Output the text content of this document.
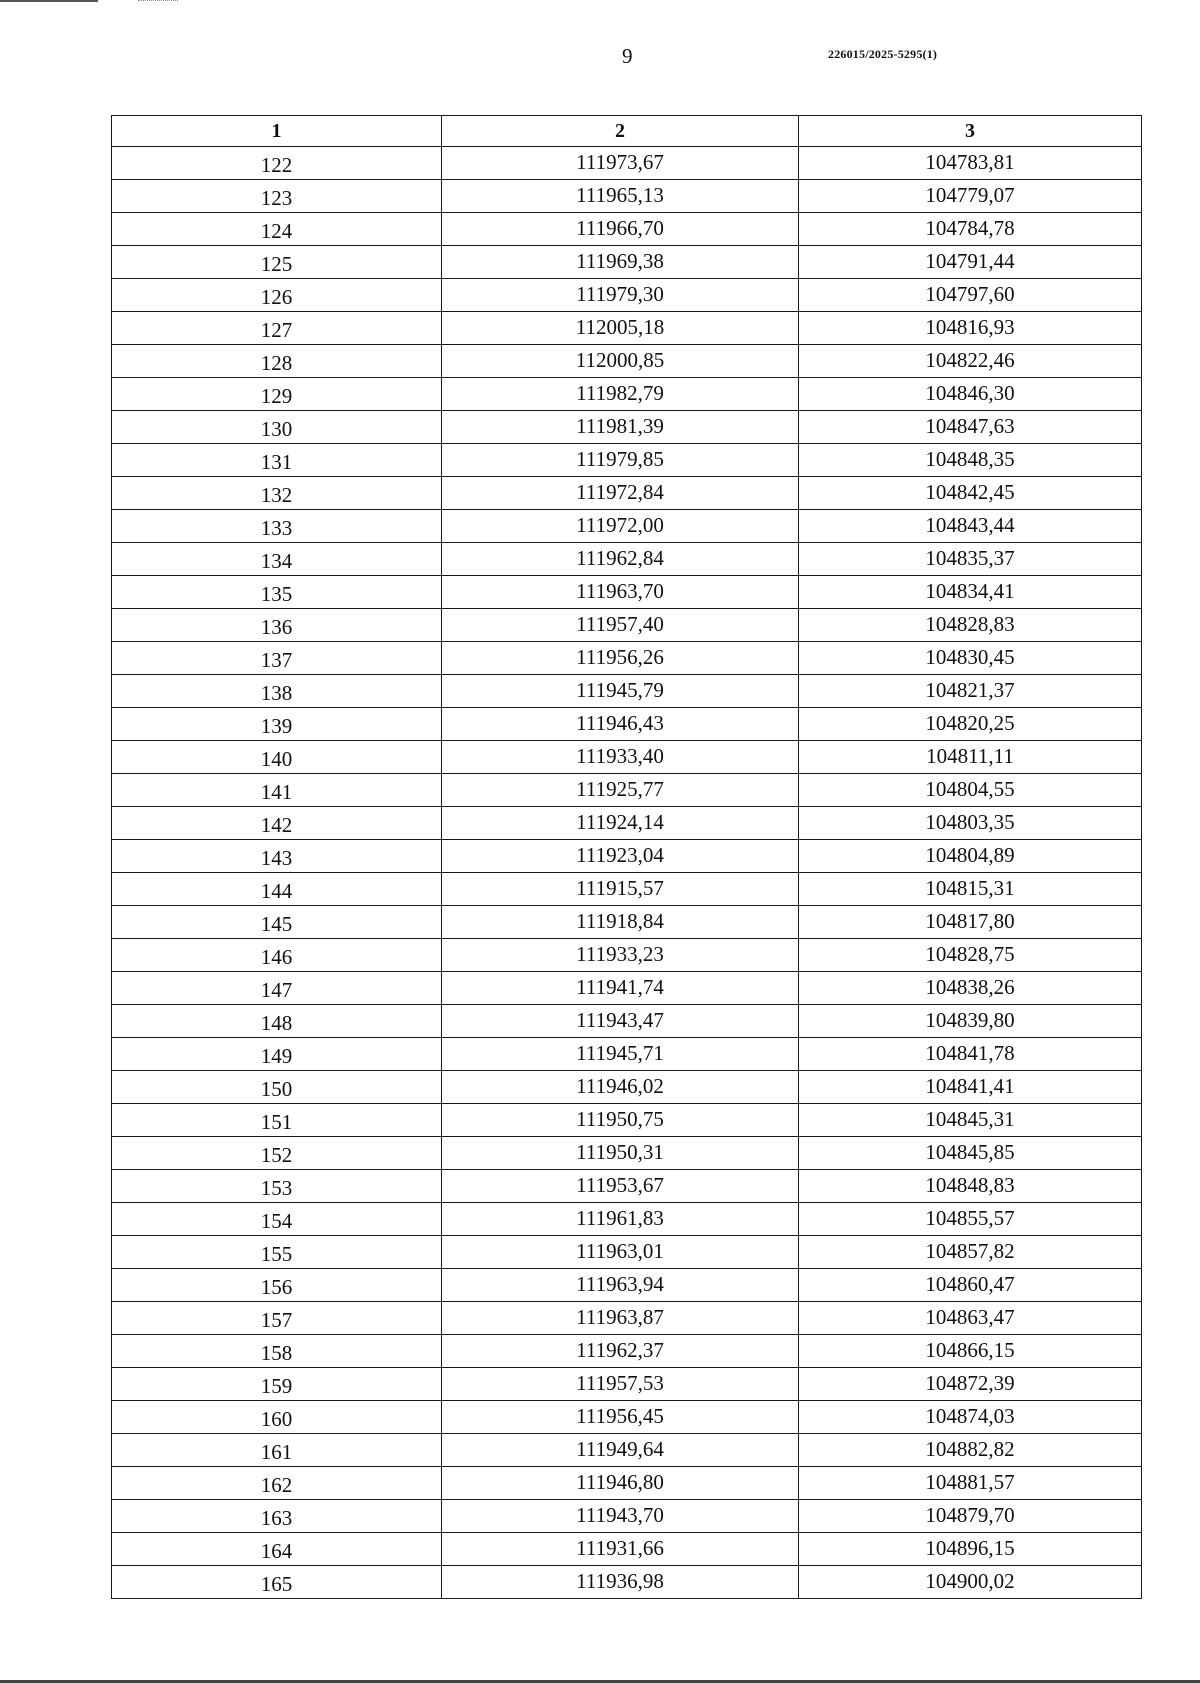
9	226015/2025-5295(1)
1	2	3
122	111973,67	104783,81
123	111965,13	104779,07
124	111966,70	104784,78
125	111969,38	104791,44
126	111979,30	104797,60
127	112005,18	104816,93
128	112000,85	104822,46
129	111982,79	104846,30
130	111981,39	104847,63
131	111979,85	104848,35
132	111972,84	104842,45
133	111972,00	104843,44
134	111962,84	104835,37
135	111963,70	104834,41
136	111957,40	104828,83
137	111956,26	104830,45
138	111945,79	104821,37
139	111946,43	104820,25
140	111933,40	104811,11
141	111925,77	104804,55
142	111924,14	104803,35
143	111923,04	104804,89
144	111915,57	104815,31
145	111918,84	104817,80
146	111933,23	104828,75
147	111941,74	104838,26
148	111943,47	104839,80
149	111945,71	104841,78
150	111946,02	104841,41
151	111950,75	104845,31
152	111950,31	104845,85
153	111953,67	104848,83
154	111961,83	104855,57
155	111963,01	104857,82
156	111963,94	104860,47
157	111963,87	104863,47
158	111962,37	104866,15
159	111957,53	104872,39
160	111956,45	104874,03
161	111949,64	104882,82
162	111946,80	104881,57
163	111943,70	104879,70
164	111931,66	104896,15
165	111936,98	104900,02
